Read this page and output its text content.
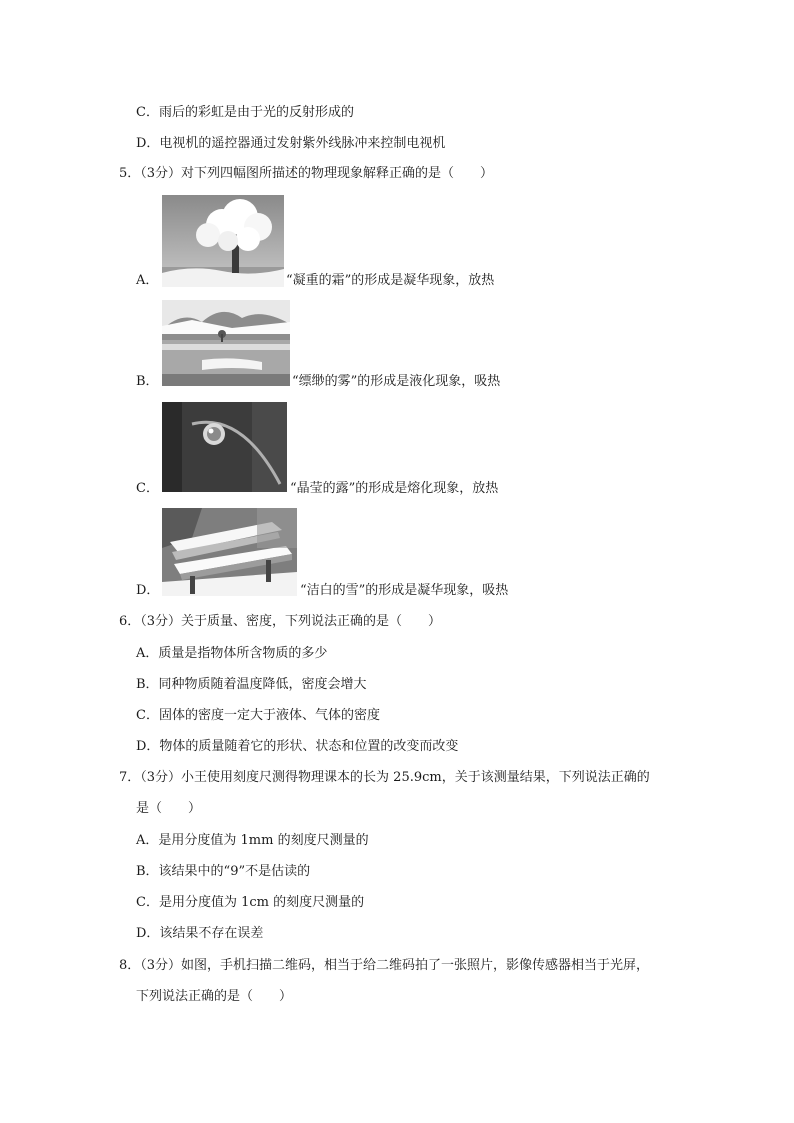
C．雨后的彩虹是由于光的反射形成的
D．电视机的遥控器通过发射紫外线脉冲来控制电视机
5．（3分）对下列四幅图所描述的物理现象解释正确的是（　　）
A．	“凝重的霜”的形成是凝华现象，放热
B．	“缥缈的雾”的形成是液化现象，吸热
C．	“晶莹的露”的形成是熔化现象，放热
D．	“洁白的雪”的形成是凝华现象，吸热
6．（3分）关于质量、密度，下列说法正确的是（　　）
A．质量是指物体所含物质的多少
B．同种物质随着温度降低，密度会增大
C．固体的密度一定大于液体、气体的密度
D．物体的质量随着它的形状、状态和位置的改变而改变
7．（3分）小王使用刻度尺测得物理课本的长为 25.9cm，关于该测量结果，下列说法正确的
是（　　）
A．是用分度值为 1mm 的刻度尺测量的
B．该结果中的“9”不是估读的
C．是用分度值为 1cm 的刻度尺测量的
D．该结果不存在误差
8．（3分）如图，手机扫描二维码，相当于给二维码拍了一张照片，影像传感器相当于光屏，
下列说法正确的是（　　）
